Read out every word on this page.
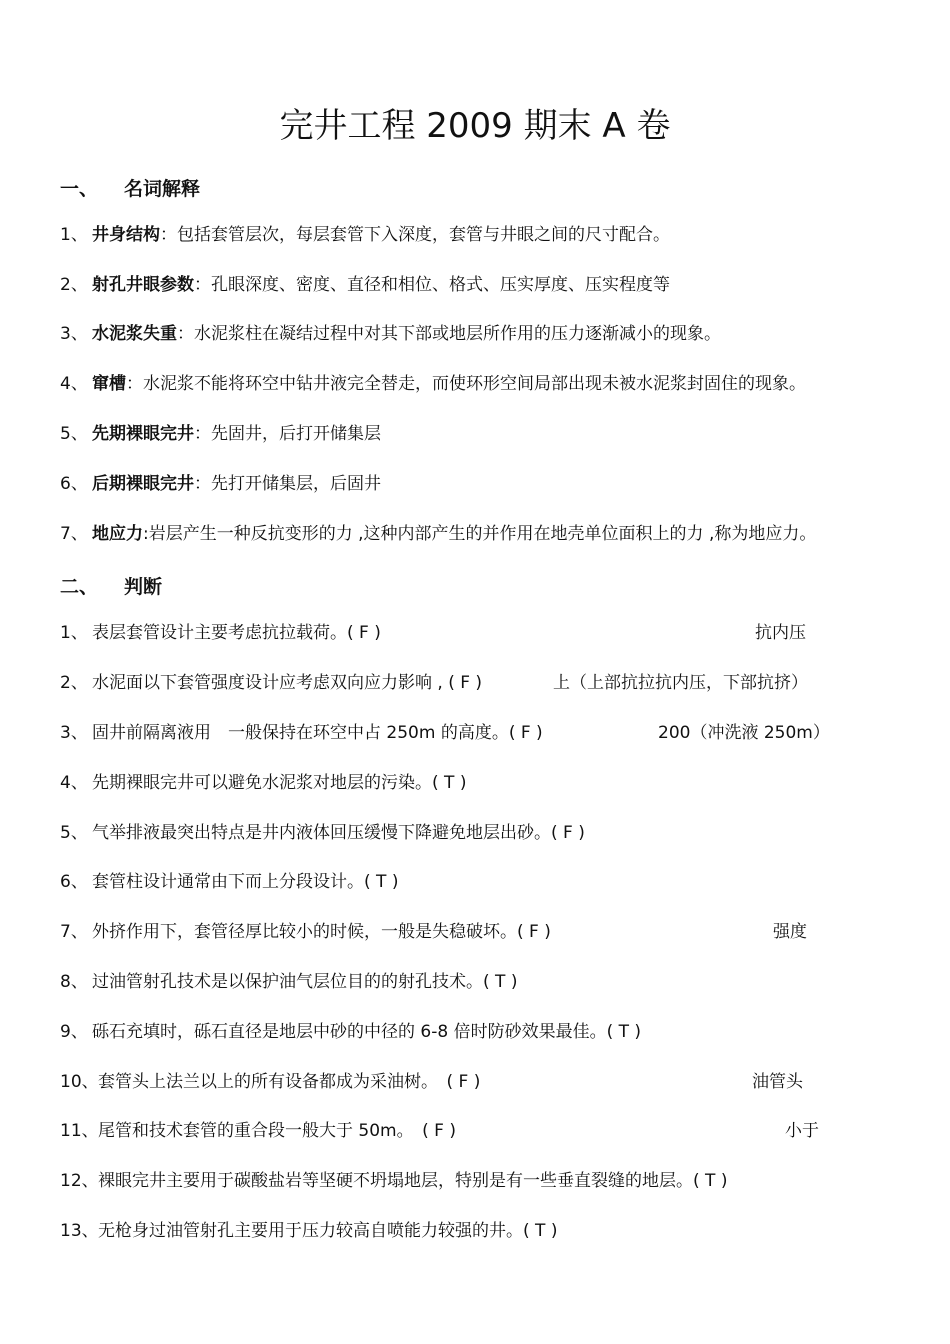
完井工程 2009 期末 A 卷
一、 名词解释
1、 井身结构：包括套管层次，每层套管下入深度，套管与井眼之间的尺寸配合。
2、 射孔井眼参数：孔眼深度、密度、直径和相位、格式、压实厚度、压实程度等
3、 水泥浆失重：水泥浆柱在凝结过程中对其下部或地层所作用的压力逐渐减小的现象。
4、 窜槽：水泥浆不能将环空中钻井液完全替走，而使环形空间局部出现未被水泥浆封固住的现象。
5、 先期裸眼完井：先固井，后打开储集层
6、 后期裸眼完井：先打开储集层，后固井
7、 地应力:岩层产生一种反抗变形的力 ,这种内部产生的并作用在地壳单位面积上的力 ,称为地应力。
二、 判断
1、 表层套管设计主要考虑抗拉载荷。( F )	抗内压
2、 水泥面以下套管强度设计应考虑双向应力影响 , ( F )	上（上部抗拉抗内压，下部抗挤）
3、 固井前隔离液用　一般保持在环空中占 250m 的高度。( F )	200（冲洗液 250m）
4、 先期裸眼完井可以避免水泥浆对地层的污染。( T )
5、 气举排液最突出特点是井内液体回压缓慢下降避免地层出砂。( F )
6、 套管柱设计通常由下而上分段设计。( T )
7、 外挤作用下，套管径厚比较小的时候，一般是失稳破坏。( F )	强度
8、 过油管射孔技术是以保护油气层位目的的射孔技术。( T )
9、 砾石充填时，砾石直径是地层中砂的中径的 6-8 倍时防砂效果最佳。( T )
10、套管头上法兰以上的所有设备都成为采油树。　( F )	油管头
11、尾管和技术套管的重合段一般大于 50m。　( F )	小于
12、裸眼完井主要用于碳酸盐岩等坚硬不坍塌地层，特别是有一些垂直裂缝的地层。( T )
13、无枪身过油管射孔主要用于压力较高自喷能力较强的井。( T )
